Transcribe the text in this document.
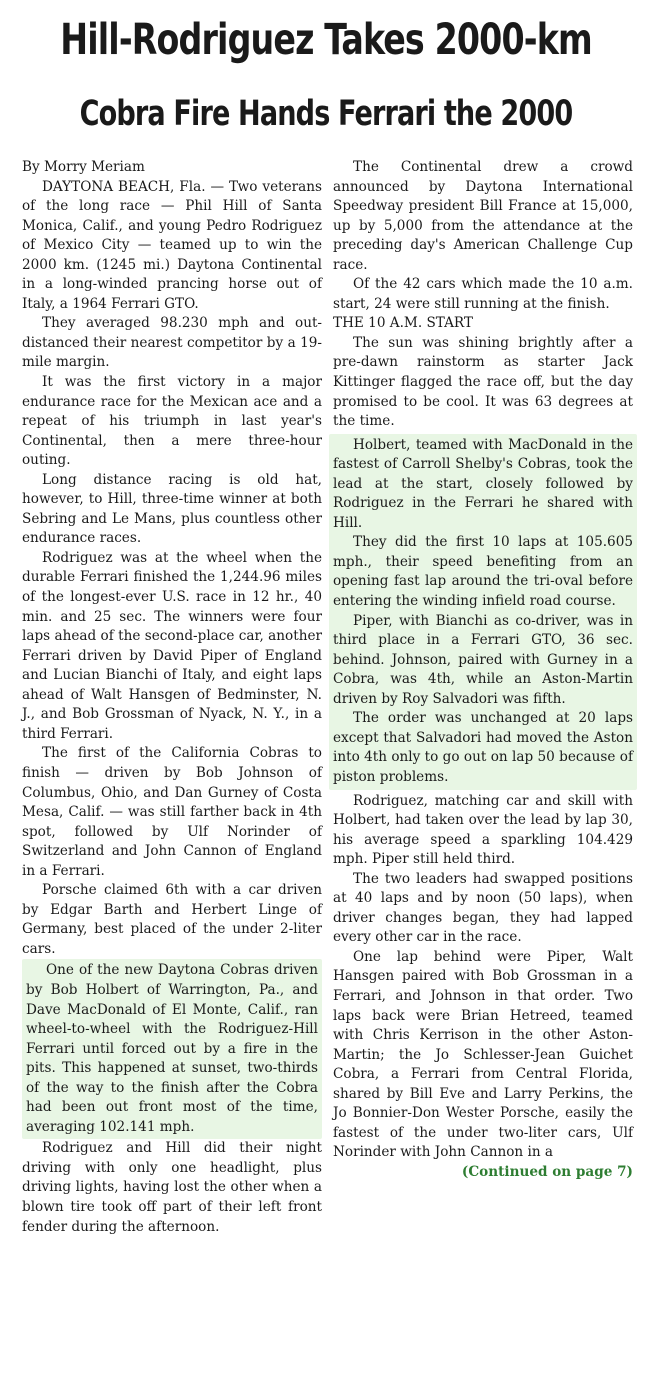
Hill-Rodriguez Takes 2000-km
Cobra Fire Hands Ferrari the 2000

By Morry Meriam

DAYTONA BEACH, Fla. — Two veterans of the long race — Phil Hill of Santa Monica, Calif., and young Pedro Rodriguez of Mexico City — teamed up to win the 2000 km. (1245 mi.) Daytona Continental in a long-winded prancing horse out of Italy, a 1964 Ferrari GTO.

They averaged 98.230 mph and out-distanced their nearest competitor by a 19-mile margin.

It was the first victory in a major endurance race for the Mexican ace and a repeat of his triumph in last year's Continental, then a mere three-hour outing.

Long distance racing is old hat, however, to Hill, three-time winner at both Sebring and Le Mans, plus countless other endurance races.

Rodriguez was at the wheel when the durable Ferrari finished the 1,244.96 miles of the longest-ever U.S. race in 12 hr., 40 min. and 25 sec. The winners were four laps ahead of the second-place car, another Ferrari driven by David Piper of England and Lucian Bianchi of Italy, and eight laps ahead of Walt Hansgen of Bedminster, N. J., and Bob Grossman of Nyack, N. Y., in a third Ferrari.

The first of the California Cobras to finish — driven by Bob Johnson of Columbus, Ohio, and Dan Gurney of Costa Mesa, Calif. — was still farther back in 4th spot, followed by Ulf Norinder of Switzerland and John Cannon of England in a Ferrari.

Porsche claimed 6th with a car driven by Edgar Barth and Herbert Linge of Germany, best placed of the under 2-liter cars.

One of the new Daytona Cobras driven by Bob Holbert of Warrington, Pa., and Dave MacDonald of El Monte, Calif., ran wheel-to-wheel with the Rodriguez-Hill Ferrari until forced out by a fire in the pits. This happened at sunset, two-thirds of the way to the finish after the Cobra had been out front most of the time, averaging 102.141 mph.

Rodriguez and Hill did their night driving with only one headlight, plus driving lights, having lost the other when a blown tire took off part of their left front fender during the afternoon.

The Continental drew a crowd announced by Daytona International Speedway president Bill France at 15,000, up by 5,000 from the attendance at the preceding day's American Challenge Cup race.

Of the 42 cars which made the 10 a.m. start, 24 were still running at the finish.

THE 10 A.M. START

The sun was shining brightly after a pre-dawn rainstorm as starter Jack Kittinger flagged the race off, but the day promised to be cool. It was 63 degrees at the time.

Holbert, teamed with MacDonald in the fastest of Carroll Shelby's Cobras, took the lead at the start, closely followed by Rodriguez in the Ferrari he shared with Hill.

They did the first 10 laps at 105.605 mph., their speed benefiting from an opening fast lap around the tri-oval before entering the winding infield road course.

Piper, with Bianchi as co-driver, was in third place in a Ferrari GTO, 36 sec. behind. Johnson, paired with Gurney in a Cobra, was 4th, while an Aston-Martin driven by Roy Salvadori was fifth.

The order was unchanged at 20 laps except that Salvadori had moved the Aston into 4th only to go out on lap 50 because of piston problems.

Rodriguez, matching car and skill with Holbert, had taken over the lead by lap 30, his average speed a sparkling 104.429 mph. Piper still held third.

The two leaders had swapped positions at 40 laps and by noon (50 laps), when driver changes began, they had lapped every other car in the race.

One lap behind were Piper, Walt Hansgen paired with Bob Grossman in a Ferrari, and Johnson in that order. Two laps back were Brian Hetreed, teamed with Chris Kerrison in the other Aston-Martin; the Jo Schlesser-Jean Guichet Cobra, a Ferrari from Central Florida, shared by Bill Eve and Larry Perkins, the Jo Bonnier-Don Wester Porsche, easily the fastest of the under two-liter cars, Ulf Norinder with John Cannon in a

(Continued on page 7)
